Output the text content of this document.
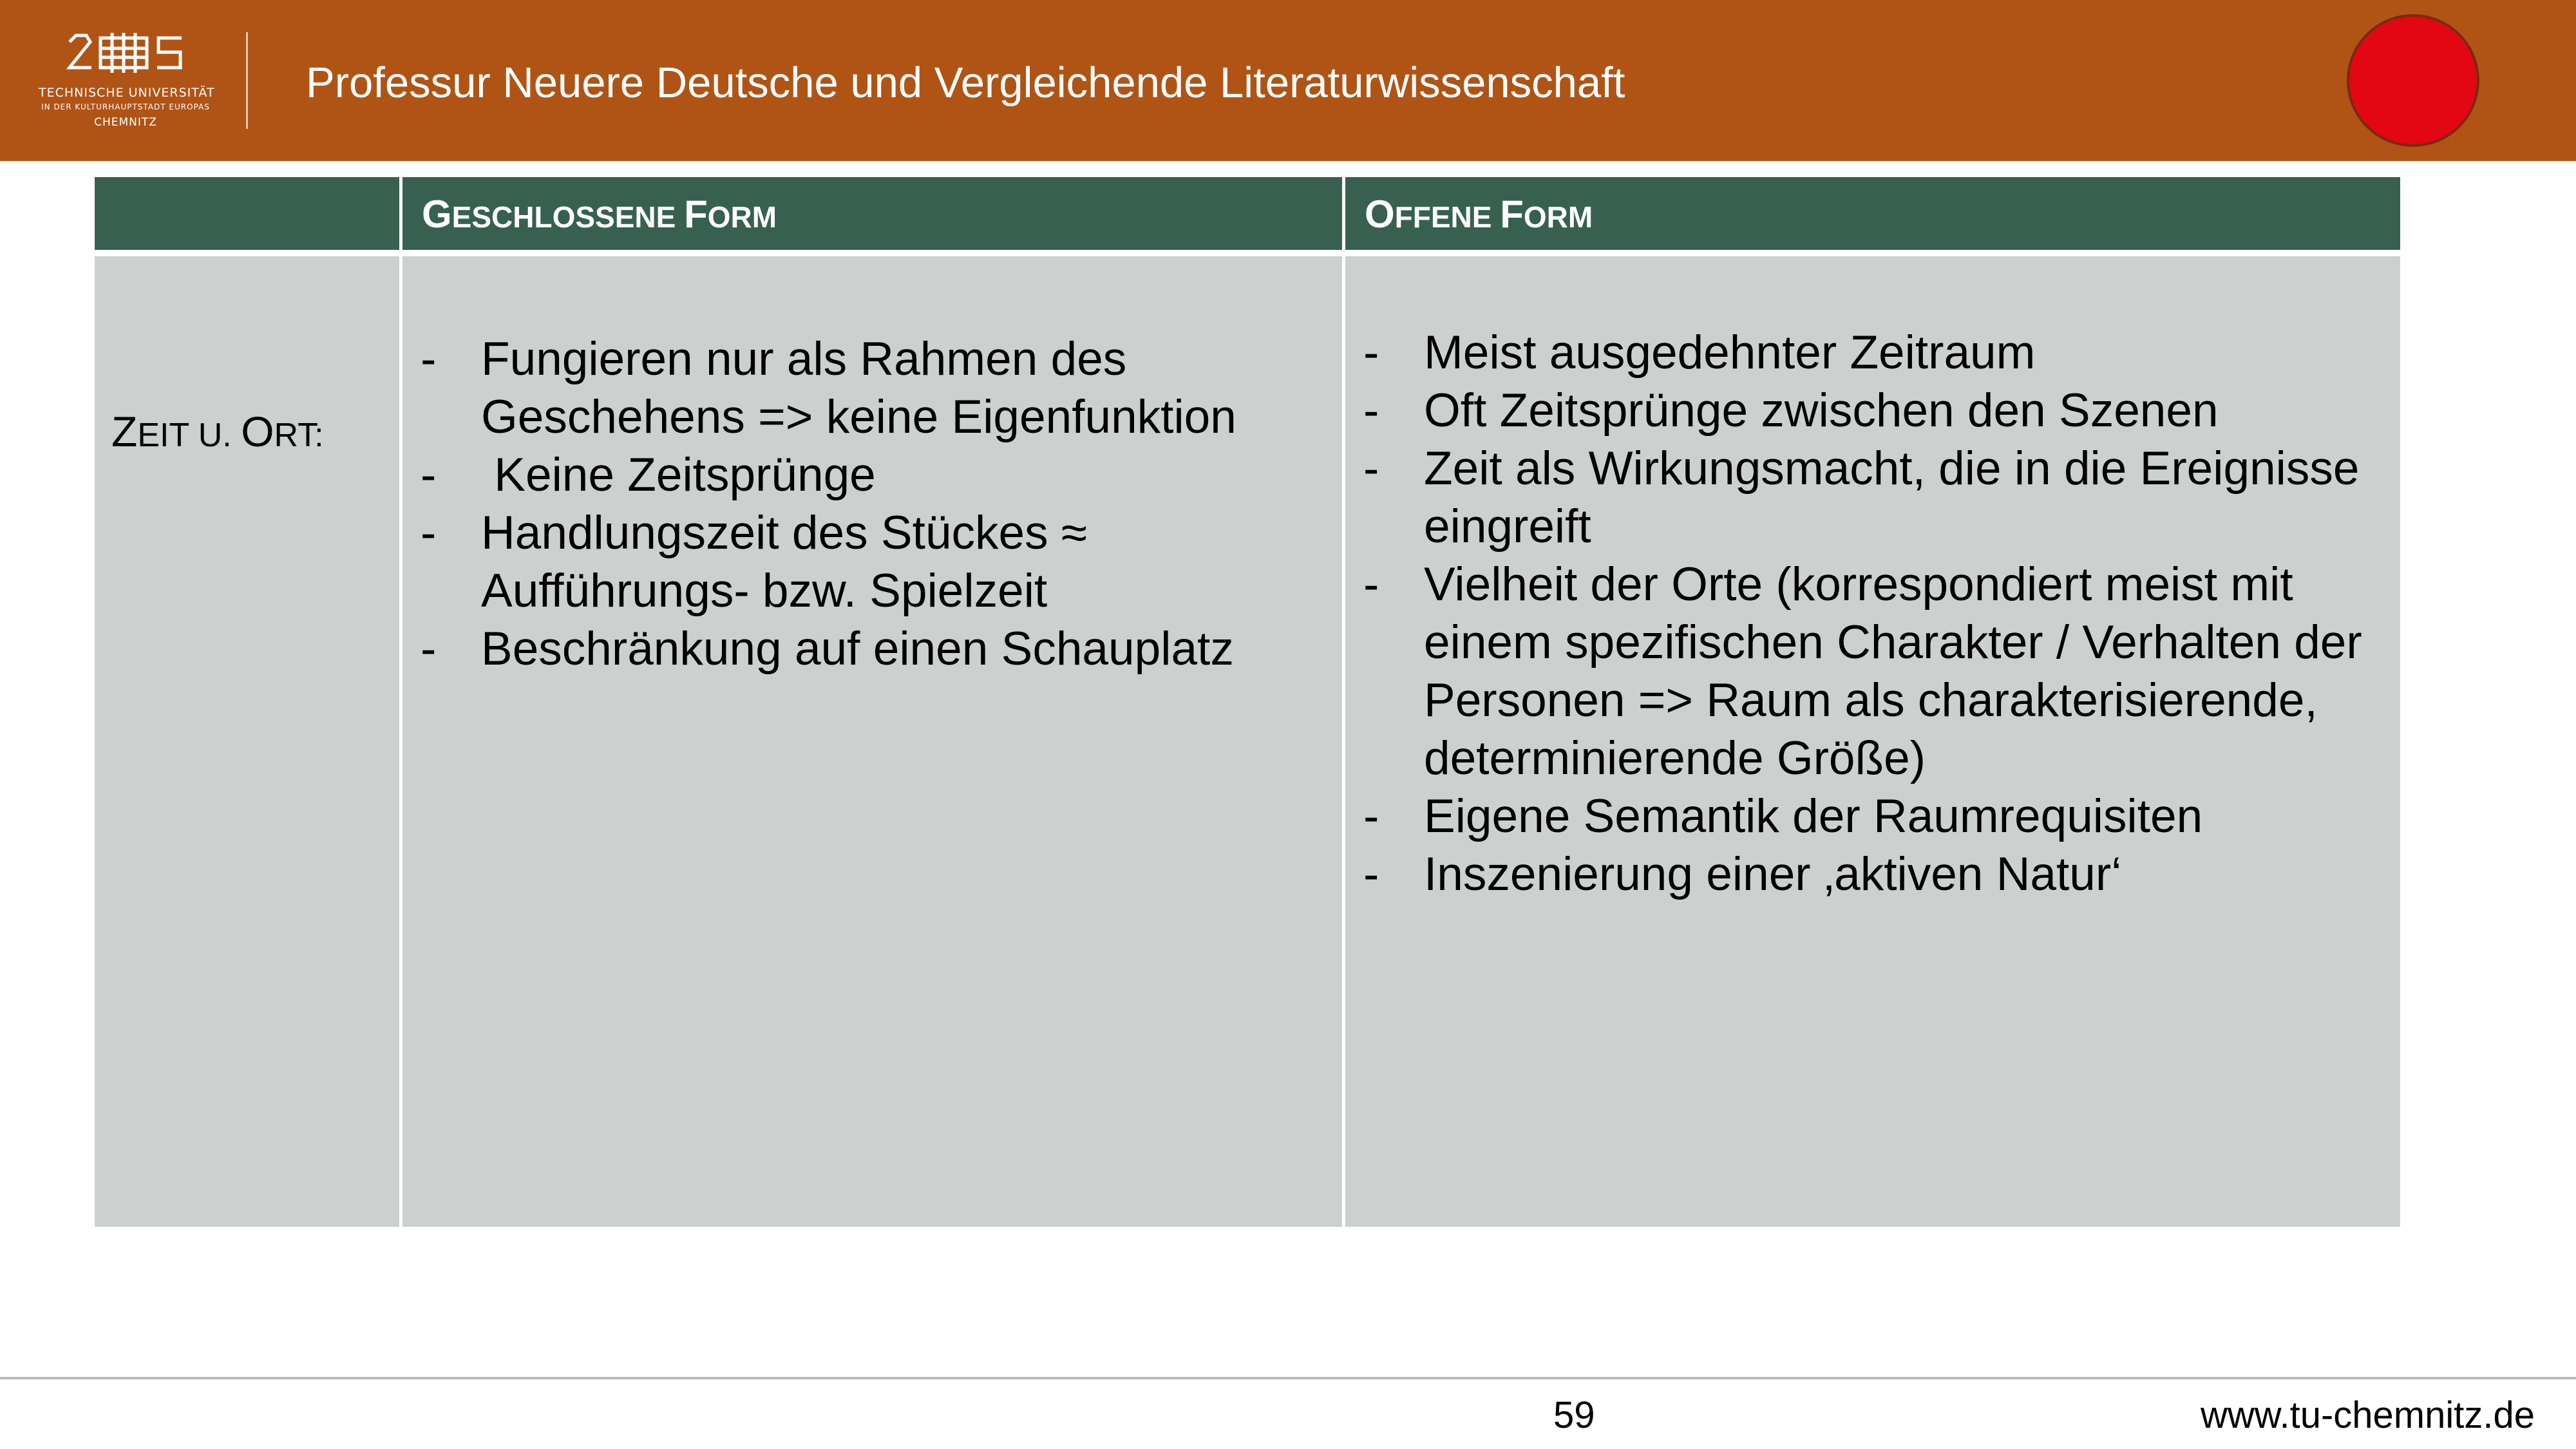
TECHNISCHE UNIVERSITÄT
IN DER KULTURHAUPTSTADT EUROPAS
CHEMNITZ
Professur Neuere Deutsche und Vergleichende Literaturwissenschaft
GESCHLOSSENE FORM	OFFENE FORM
ZEIT U. ORT:
- Fungieren nur als Rahmen des Geschehens => keine Eigenfunktion
-  Keine Zeitsprünge
- Handlungszeit des Stückes ≈ Aufführungs- bzw. Spielzeit
- Beschränkung auf einen Schauplatz
- Meist ausgedehnter Zeitraum
- Oft Zeitsprünge zwischen den Szenen
- Zeit als Wirkungsmacht, die in die Ereignisse eingreift
- Vielheit der Orte (korrespondiert meist mit einem spezifischen Charakter / Verhalten der Personen => Raum als charakterisierende, determinierende Größe)
- Eigene Semantik der Raumrequisiten
- Inszenierung einer ‚aktiven Natur‘
59	www.tu-chemnitz.de
